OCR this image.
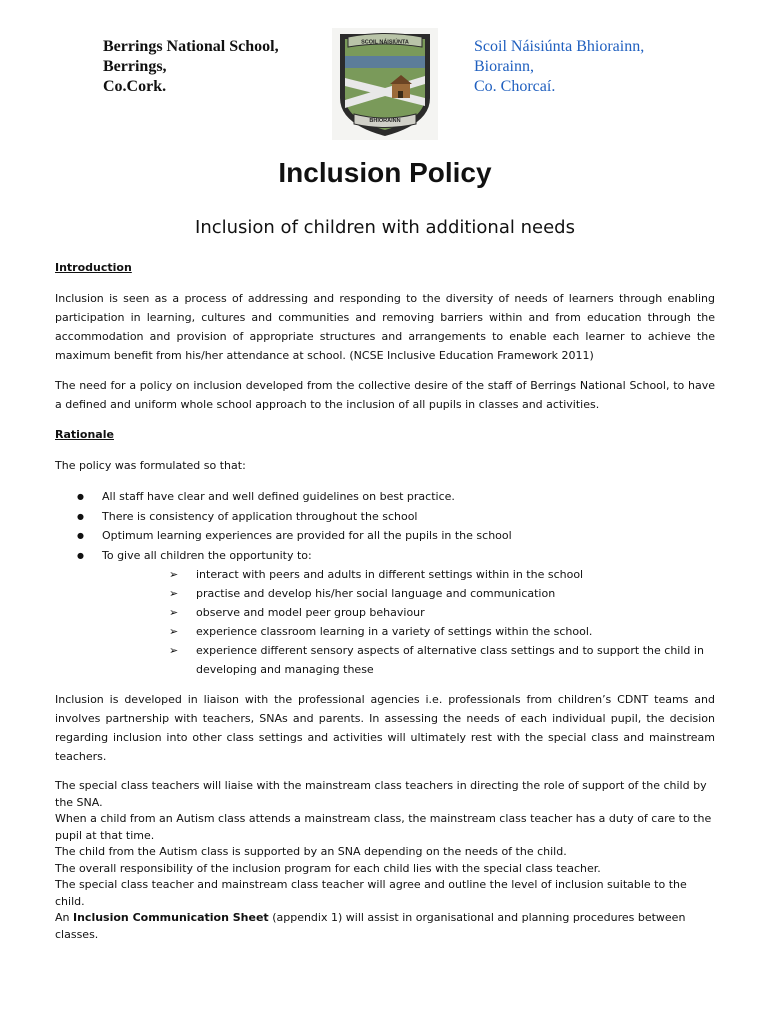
Berrings National School,
Berrings,
Co.Cork.
SCOIL NÁISIÚNTA
BHIORAINN
Scoil Náisiúnta Bhiorainn,
Biorainn,
Co. Chorcaí.
Inclusion Policy
Inclusion of children with additional needs

Introduction

Inclusion is seen as a process of addressing and responding to the diversity of needs of learners through enabling participation in learning, cultures and communities and removing barriers within and from education through the accommodation and provision of appropriate structures and arrangements to enable each learner to achieve the maximum benefit from his/her attendance at school. (NCSE Inclusive Education Framework 2011)

The need for a policy on inclusion developed from the collective desire of the staff of Berrings National School, to have a defined and uniform whole school approach to the inclusion of all pupils in classes and activities.

Rationale

The policy was formulated so that:

● All staff have clear and well defined guidelines on best practice.
● There is consistency of application throughout the school
● Optimum learning experiences are provided for all the pupils in the school
● To give all children the opportunity to:
➢ interact with peers and adults in different settings within in the school
➢ practise and develop his/her social language and communication
➢ observe and model peer group behaviour
➢ experience classroom learning in a variety of settings within the school.
➢ experience different sensory aspects of alternative class settings and to support the child in developing and managing these

Inclusion is developed in liaison with the professional agencies i.e. professionals from children’s CDNT teams and involves partnership with teachers, SNAs and parents. In assessing the needs of each individual pupil, the decision regarding inclusion into other class settings and activities will ultimately rest with the special class and mainstream teachers.

The special class teachers will liaise with the mainstream class teachers in directing the role of support of the child by the SNA.

When a child from an Autism class attends a mainstream class, the mainstream class teacher has a duty of care to the pupil at that time.

The child from the Autism class is supported by an SNA depending on the needs of the child.

The overall responsibility of the inclusion program for each child lies with the special class teacher.

The special class teacher and mainstream class teacher will agree and outline the level of inclusion suitable to the child.

An Inclusion Communication Sheet (appendix 1) will assist in organisational and planning procedures between classes.
